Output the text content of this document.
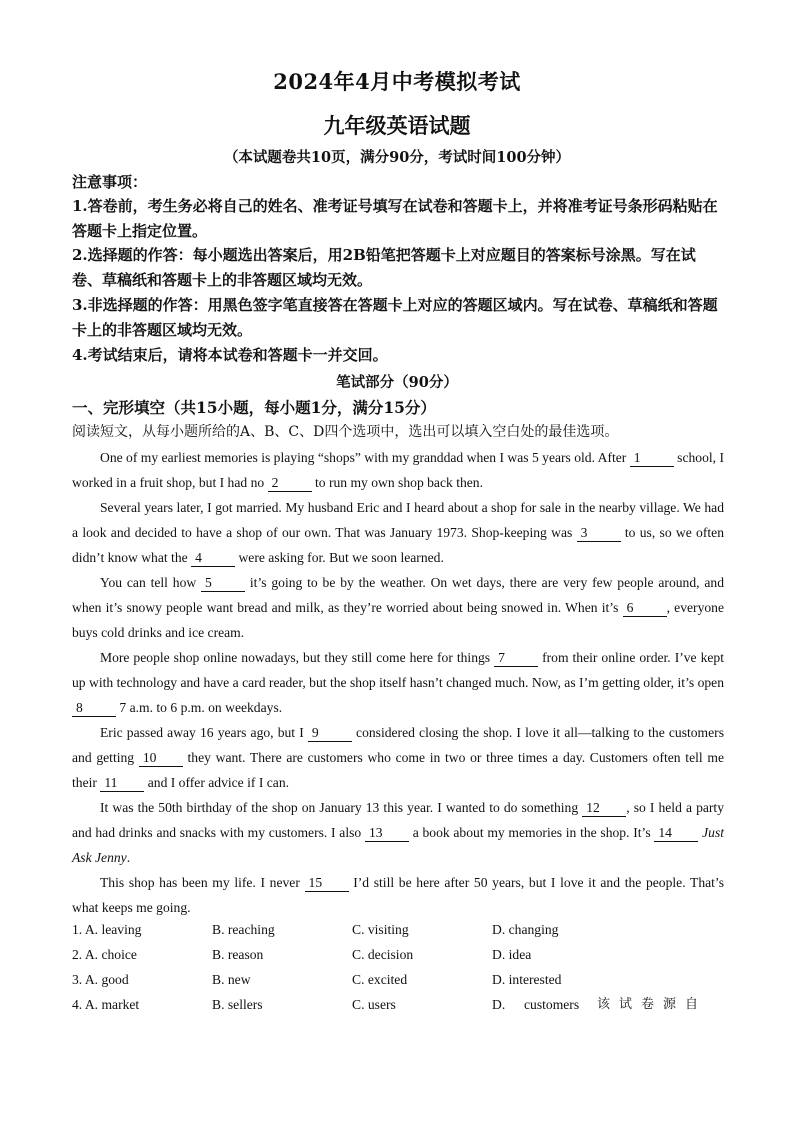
2024年4月中考模拟考试
九年级英语试题
（本试题卷共10页，满分90分，考试时间100分钟）
注意事项：
1.答卷前，考生务必将自己的姓名、准考证号填写在试卷和答题卡上，并将准考证号条形码粘贴在答题卡上指定位置。
2.选择题的作答：每小题选出答案后，用2B铅笔把答题卡上对应题目的答案标号涂黑。写在试卷、草稿纸和答题卡上的非答题区域均无效。
3.非选择题的作答：用黑色签字笔直接答在答题卡上对应的答题区域内。写在试卷、草稿纸和答题卡上的非答题区域均无效。
4.考试结束后，请将本试卷和答题卡一并交回。
笔试部分（90分）
一、完形填空（共15小题，每小题1分，满分15分）
阅读短文，从每小题所给的A、B、C、D四个选项中，选出可以填入空白处的最佳选项。

One of my earliest memories is playing “shops” with my granddad when I was 5 years old. After 1	school, I worked in a fruit shop, but I had no 2	to run my own shop back then.

Several years later, I got married. My husband Eric and I heard about a shop for sale in the nearby village. We had a look and decided to have a shop of our own. That was January 1973. Shop-keeping was 3	to us, so we often didn’t know what the 4	were asking for. But we soon learned.

You can tell how 5	it’s going to be by the weather. On wet days, there are very few people around, and when it’s snowy people want bread and milk, as they’re worried about being snowed in. When it’s 6 , everyone buys cold drinks and ice cream.

More people shop online nowadays, but they still come here for things 7	from their online order. I’ve kept up with technology and have a card reader, but the shop itself hasn’t changed much. Now, as I’m getting older, it’s open 8	7 a.m. to 6 p.m. on weekdays.

Eric passed away 16 years ago, but I 9	considered closing the shop. I love it all—talking to the customers and getting 10 they want. There are customers who come in two or three times a day. Customers often tell me their 11 and I offer advice if I can.

It was the 50th birthday of the shop on January 13 this year. I wanted to do something 12 , so I held a party and had drinks and snacks with my customers. I also 13 a book about my memories in the shop. It’s 14 Just Ask Jenny.

This shop has been my life. I never 15 I’d still be here after 50 years, but I love it and the people. That’s what keeps me going.

1. A. leaving	B. reaching	C. visiting	D. changing
2. A. choice	B. reason	C. decision	D. idea
3. A. good	B. new	C. excited	D. interested
4. A. market	B. sellers	C. users	D. customers 该试卷源自
